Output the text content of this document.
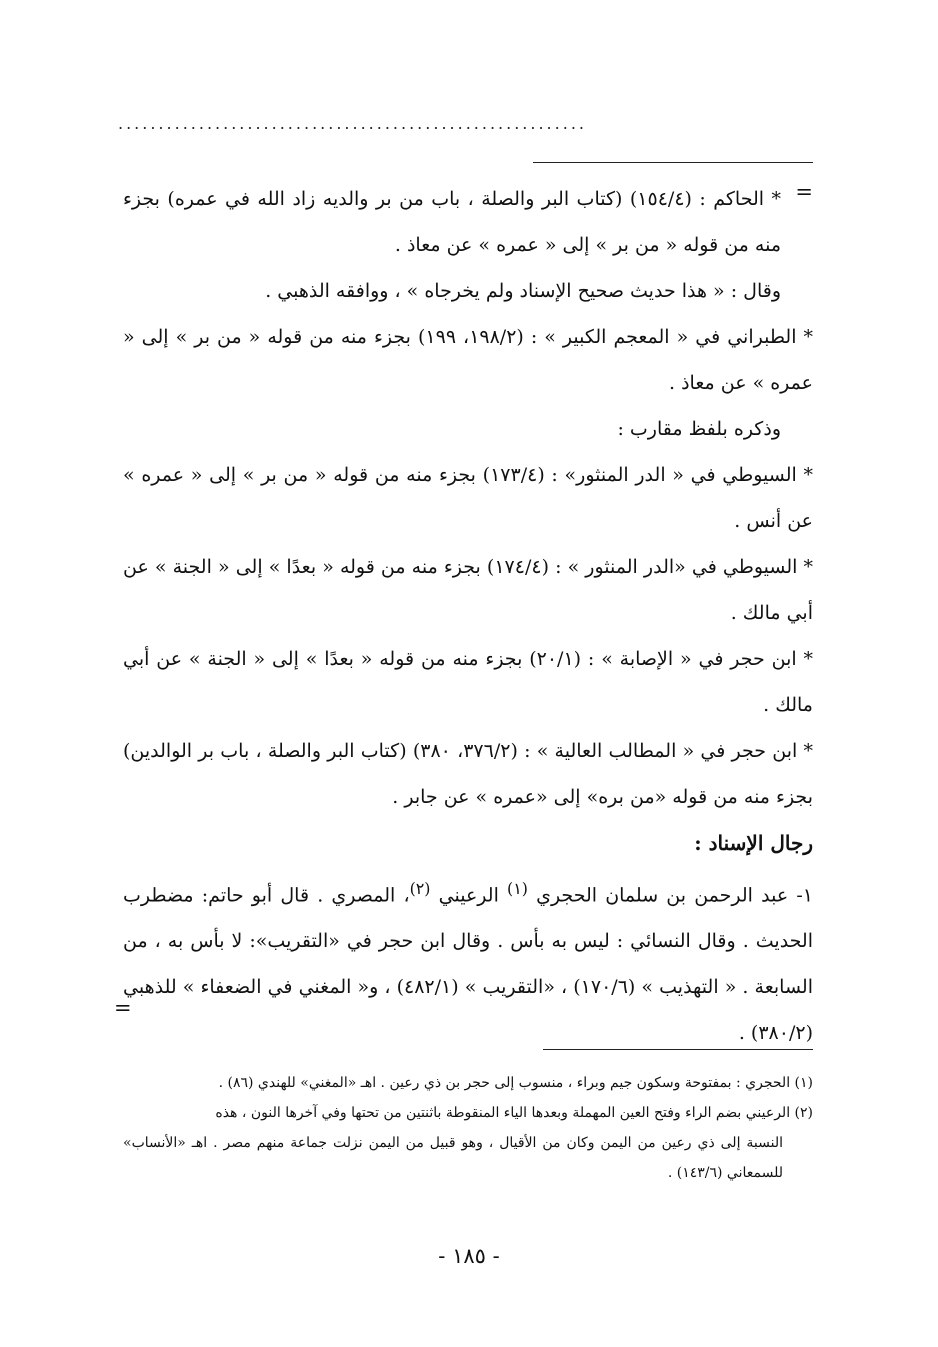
..........................................................
=

* الحاكم : (١٥٤/٤) (كتاب البر والصلة ، باب من بر والديه زاد الله في عمره) بجزء منه من قوله « من بر » إلى « عمره » عن معاذ .

وقال : « هذا حديث صحيح الإسناد ولم يخرجاه » ، ووافقه الذهبي .

* الطبراني في « المعجم الكبير » : (١٩٨/٢، ١٩٩) بجزء منه من قوله « من بر » إلى « عمره » عن معاذ .

وذكره بلفظ مقارب :

* السيوطي في « الدر المنثور» : (١٧٣/٤) بجزء منه من قوله « من بر » إلى « عمره » عن أنس .

* السيوطي في «الدر المنثور » : (١٧٤/٤) بجزء منه من قوله « بعدًا » إلى « الجنة » عن أبي مالك .

* ابن حجر في « الإصابة » : (٢٠/١) بجزء منه من قوله « بعدًا » إلى « الجنة » عن أبي مالك .

* ابن حجر في « المطالب العالية » : (٣٧٦/٢، ٣٨٠) (كتاب البر والصلة ، باب بر الوالدين) بجزء منه من قوله «من بره» إلى «عمره » عن جابر .

رجال الإسناد :

١- عبد الرحمن بن سلمان الحجري $^{(١)}$ الرعيني $^{(٢)}$، المصري . قال أبو حاتم: مضطرب الحديث . وقال النسائي : ليس به بأس . وقال ابن حجر في «التقريب»: لا بأس به ، من السابعة . « التهذيب » (١٧٠/٦) ، «التقريب » (٤٨٢/١) ، و« المغني في الضعفاء » للذهبي (٣٨٠/٢) .

=

(١) الحجري : بمفتوحة وسكون جيم وبراء ، منسوب إلى حجر بن ذي رعين . اهـ «المغني» للهندي (٨٦) .

(٢) الرعيني بضم الراء وفتح العين المهملة وبعدها الياء المنقوطة باثنتين من تحتها وفي آخرها النون ، هذه

النسبة إلى ذي رعين من اليمن وكان من الأقيال ، وهو قبيل من اليمن نزلت جماعة منهم مصر . اهـ «الأنساب» للسمعاني (١٤٣/٦) .

- ١٨٥ -
